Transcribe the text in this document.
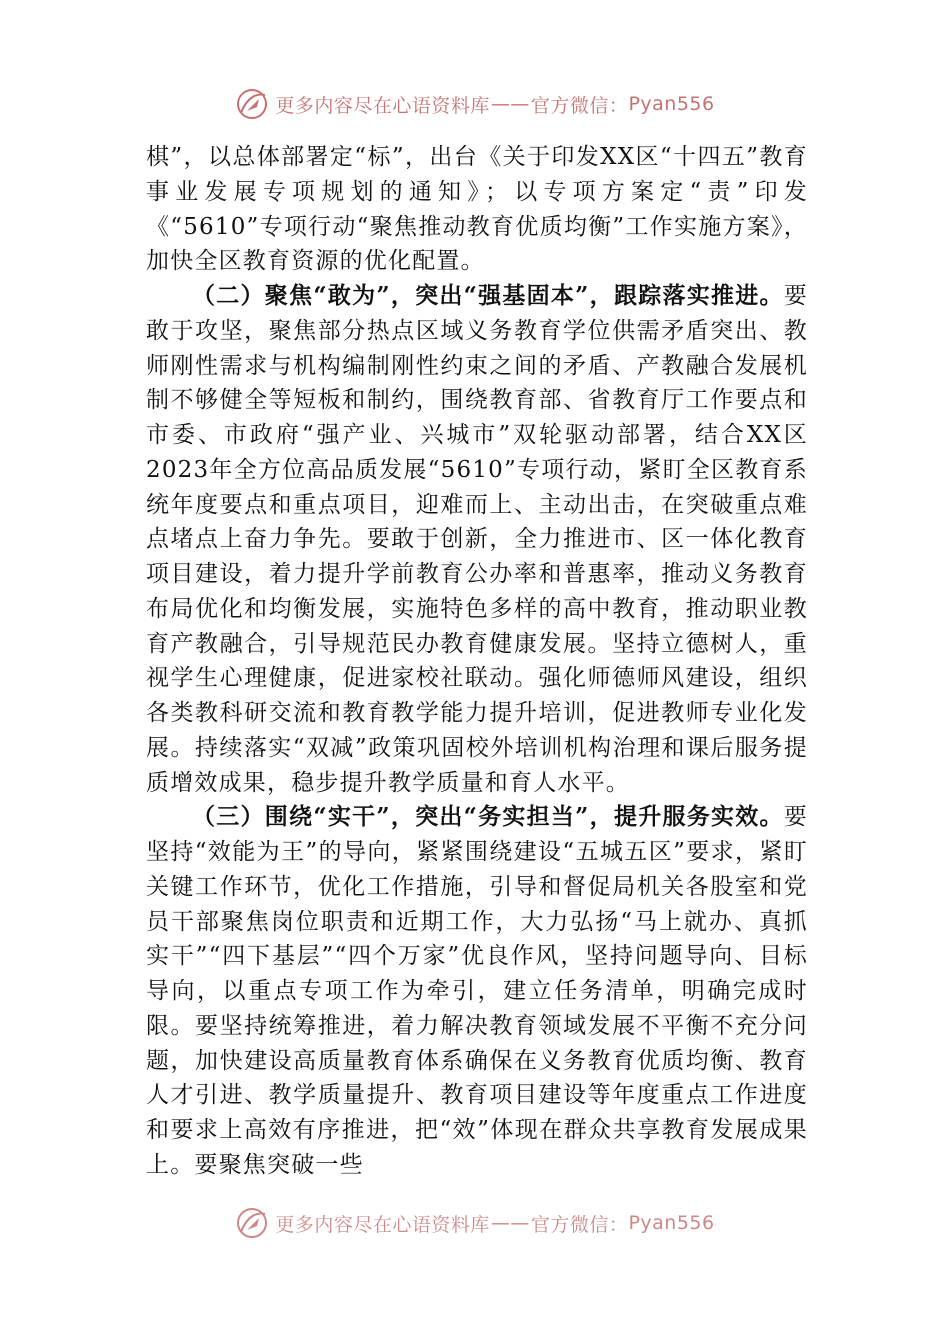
更多内容尽在心语资料库 —— 官方微信： Pyan556

棋”，以总体部署定“标”，出台《关于印发XX区“十四五”教育事业发展专项规划的通知》；以专项方案定“责”印发《“5610”专项行动“聚焦推动教育优质均衡”工作实施方案》，加快全区教育资源的优化配置。

（二）聚焦“敢为”，突出“强基固本”，跟踪落实推进。要敢于攻坚，聚焦部分热点区域义务教育学位供需矛盾突出、教师刚性需求与机构编制刚性约束之间的矛盾、产教融合发展机制不够健全等短板和制约，围绕教育部、省教育厅工作要点和市委、市政府“强产业、兴城市”双轮驱动部署，结合XX区2023年全方位高品质发展“5610”专项行动，紧盯全区教育系统年度要点和重点项目，迎难而上、主动出击，在突破重点难点堵点上奋力争先。要敢于创新，全力推进市、区一体化教育项目建设，着力提升学前教育公办率和普惠率，推动义务教育布局优化和均衡发展，实施特色多样的高中教育，推动职业教育产教融合，引导规范民办教育健康发展。坚持立德树人，重视学生心理健康，促进家校社联动。强化师德师风建设，组织各类教科研交流和教育教学能力提升培训，促进教师专业化发展。持续落实“双减”政策巩固校外培训机构治理和课后服务提质增效成果，稳步提升教学质量和育人水平。

（三）围绕“实干”，突出“务实担当”，提升服务实效。要坚持“效能为王”的导向，紧紧围绕建设“五城五区”要求，紧盯关键工作环节，优化工作措施，引导和督促局机关各股室和党员干部聚焦岗位职责和近期工作，大力弘扬“马上就办、真抓实干”“四下基层”“四个万家”优良作风，坚持问题导向、目标导向，以重点专项工作为牵引，建立任务清单，明确完成时限。要坚持统筹推进，着力解决教育领域发展不平衡不充分问题，加快建设高质量教育体系确保在义务教育优质均衡、教育人才引进、教学质量提升、教育项目建设等年度重点工作进度和要求上高效有序推进，把“效”体现在群众共享教育发展成果上。要聚焦突破一些

更多内容尽在心语资料库 —— 官方微信： Pyan556
